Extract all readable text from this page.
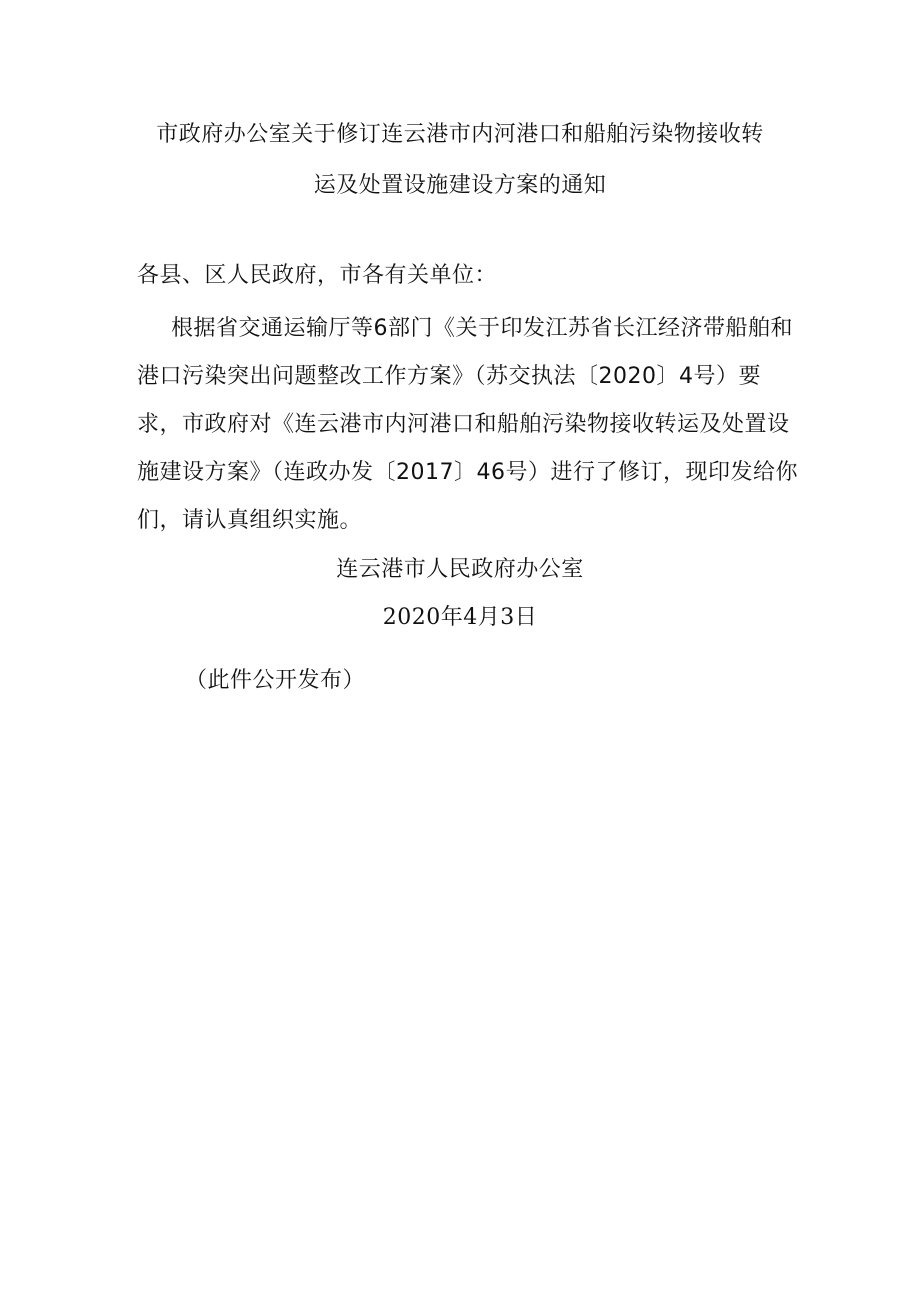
市政府办公室关于修订连云港市内河港口和船舶污染物接收转
运及处置设施建设方案的通知
各县、区人民政府，市各有关单位：
根据省交通运输厅等6部门《关于印发江苏省长江经济带船舶和
港口污染突出问题整改工作方案》（苏交执法〔2020〕4号）要
求，市政府对《连云港市内河港口和船舶污染物接收转运及处置设
施建设方案》（连政办发〔2017〕46号）进行了修订，现印发给你
们，请认真组织实施。
连云港市人民政府办公室
2020年4月3日
（此件公开发布）
